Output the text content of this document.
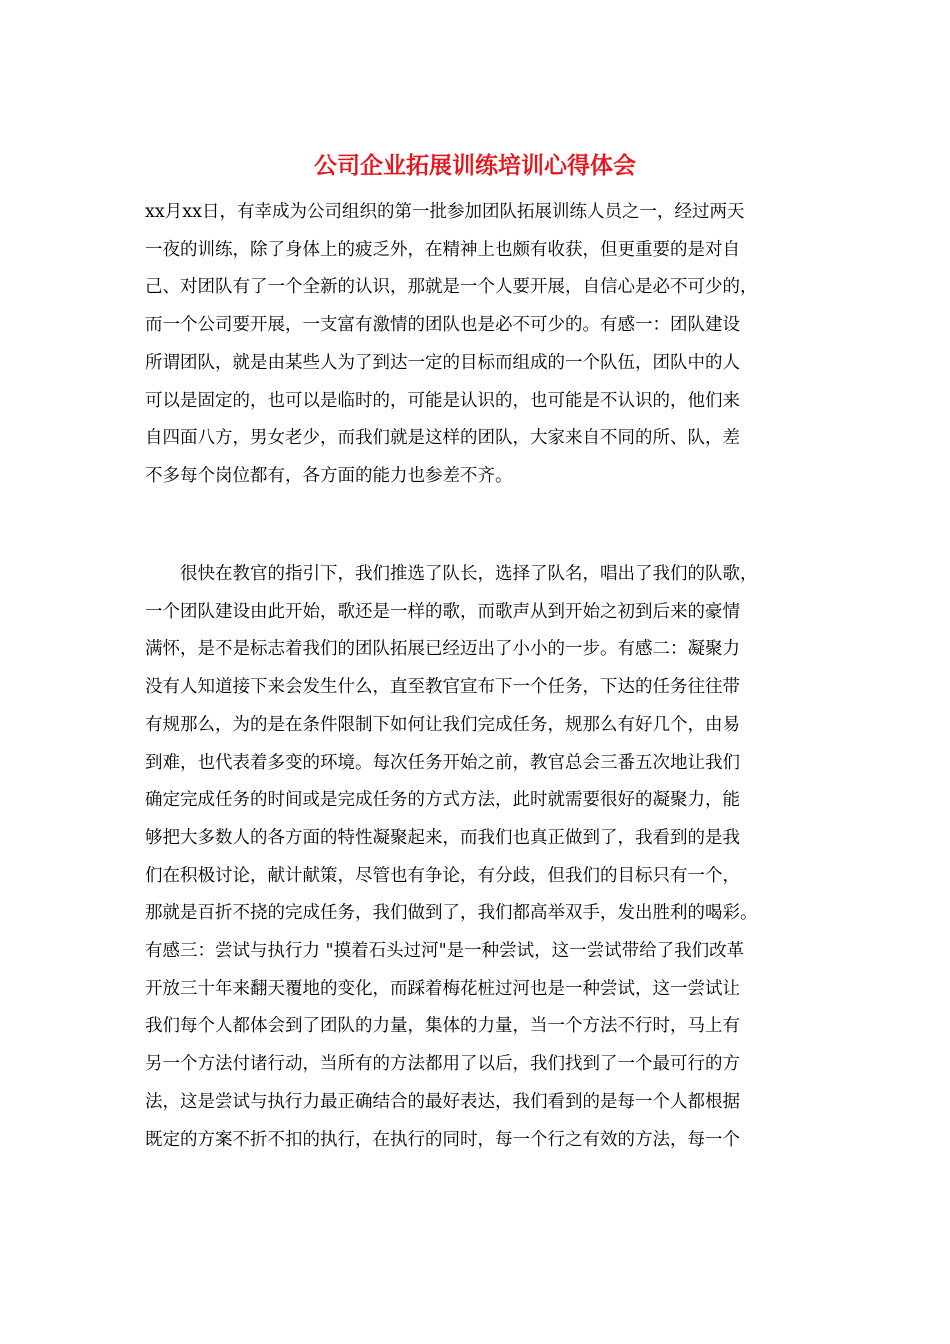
公司企业拓展训练培训心得体会
xx月xx日，有幸成为公司组织的第一批参加团队拓展训练人员之一，经过两天
一夜的训练，除了身体上的疲乏外，在精神上也颇有收获，但更重要的是对自
己、对团队有了一个全新的认识，那就是一个人要开展，自信心是必不可少的，
而一个公司要开展，一支富有激情的团队也是必不可少的。有感一：团队建设
所谓团队，就是由某些人为了到达一定的目标而组成的一个队伍，团队中的人
可以是固定的，也可以是临时的，可能是认识的，也可能是不认识的，他们来
自四面八方，男女老少，而我们就是这样的团队，大家来自不同的所、队，差
不多每个岗位都有，各方面的能力也参差不齐。
　　很快在教官的指引下，我们推选了队长，选择了队名，唱出了我们的队歌，
一个团队建设由此开始，歌还是一样的歌，而歌声从到开始之初到后来的豪情
满怀，是不是标志着我们的团队拓展已经迈出了小小的一步。有感二：凝聚力
没有人知道接下来会发生什么，直至教官宣布下一个任务，下达的任务往往带
有规那么，为的是在条件限制下如何让我们完成任务，规那么有好几个，由易
到难，也代表着多变的环境。每次任务开始之前，教官总会三番五次地让我们
确定完成任务的时间或是完成任务的方式方法，此时就需要很好的凝聚力，能
够把大多数人的各方面的特性凝聚起来，而我们也真正做到了，我看到的是我
们在积极讨论，献计献策，尽管也有争论，有分歧，但我们的目标只有一个，
那就是百折不挠的完成任务，我们做到了，我们都高举双手，发出胜利的喝彩。
有感三：尝试与执行力 "摸着石头过河"是一种尝试，这一尝试带给了我们改革
开放三十年来翻天覆地的变化，而踩着梅花桩过河也是一种尝试，这一尝试让
我们每个人都体会到了团队的力量，集体的力量，当一个方法不行时，马上有
另一个方法付诸行动，当所有的方法都用了以后，我们找到了一个最可行的方
法，这是尝试与执行力最正确结合的最好表达，我们看到的是每一个人都根据
既定的方案不折不扣的执行，在执行的同时，每一个行之有效的方法，每一个
